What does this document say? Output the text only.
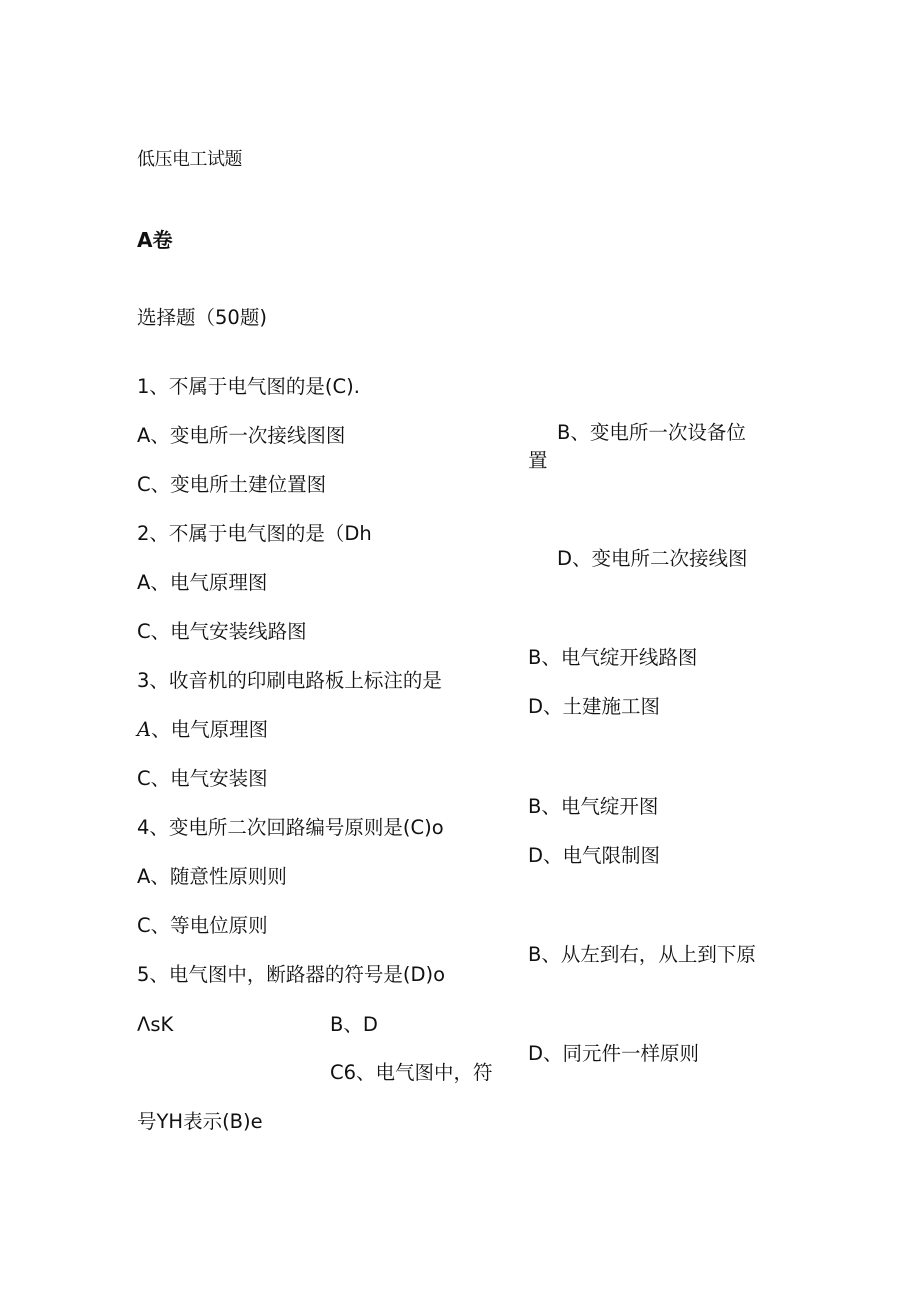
低压电工试题
A卷
选择题（50题)
1、不属于电气图的是(C).
A、变电所一次接线图图	B、变电所一次设备位
置
C、变电所土建位置图
2、不属于电气图的是（Dh
D、变电所二次接线图
A、电气原理图
C、电气安装线路图
B、电气绽开线路图
3、收音机的印刷电路板上标注的是
D、土建施工图
A、电气原理图
C、电气安装图
B、电气绽开图
4、变电所二次回路编号原则是(C)o
D、电气限制图
A、随意性原则则
C、等电位原则
B、从左到右，从上到下原
5、电气图中，断路器的符号是(D)o
ΛsK	B、D
D、同元件一样原则
C6、电气图中，符
号YH表示(B)e
